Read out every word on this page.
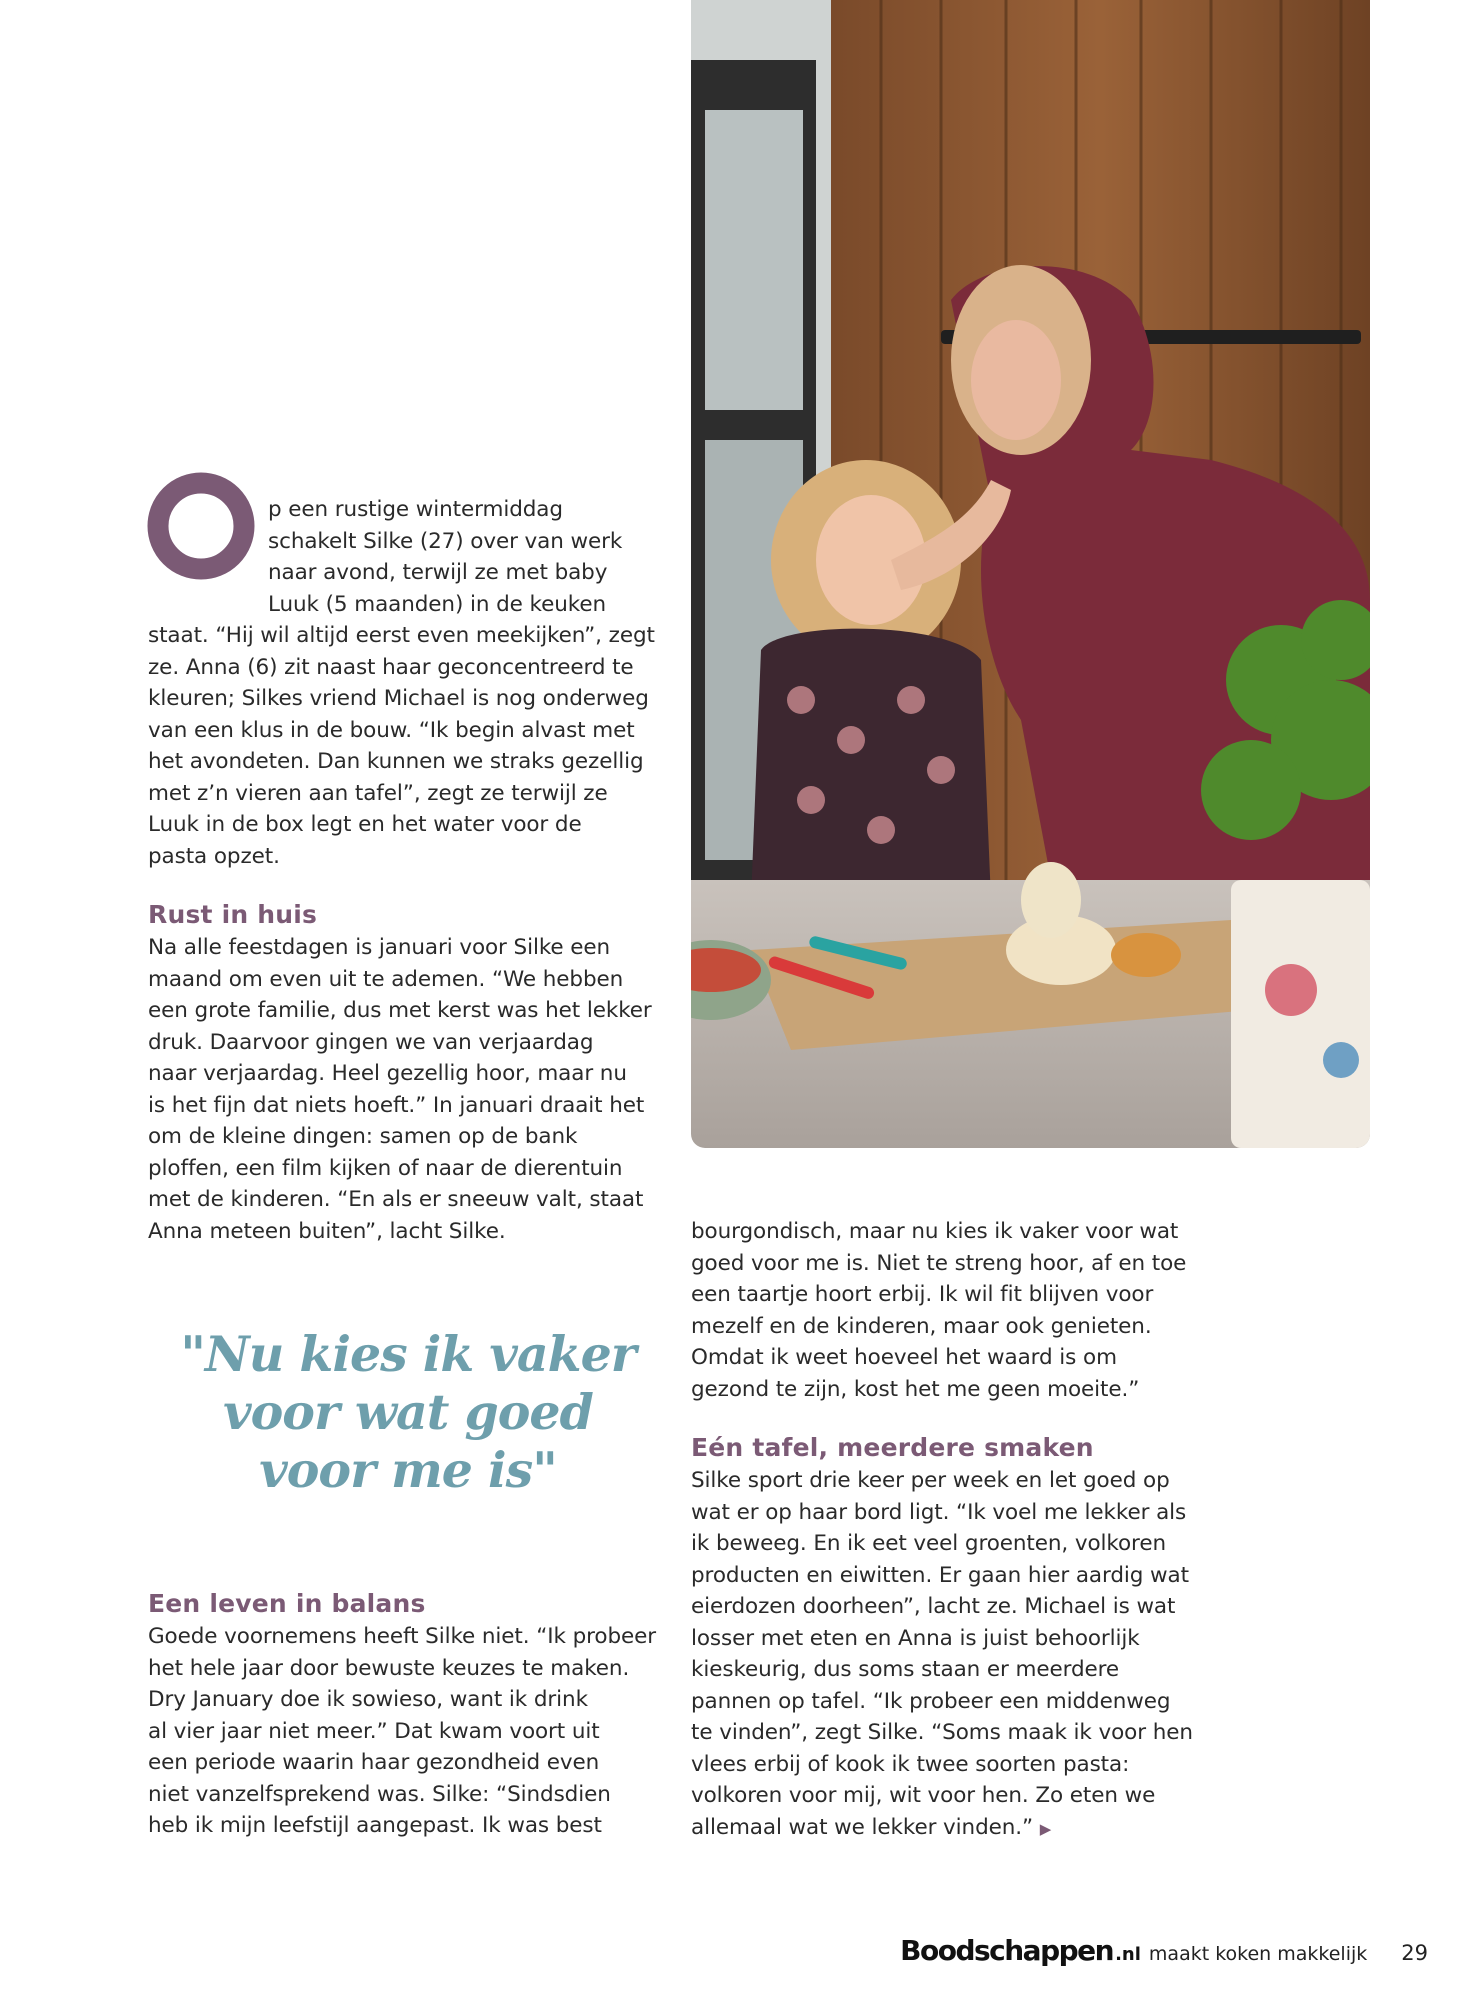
O	p een rustige wintermiddag

schakelt Silke (27) over van werk

naar avond, terwijl ze met baby

Luuk (5 maanden) in de keuken

staat. “Hij wil altijd eerst even meekijken”, zegt

ze. Anna (6) zit naast haar geconcentreerd te

kleuren; Silkes vriend Michael is nog onderweg

van een klus in de bouw. “Ik begin alvast met

het avondeten. Dan kunnen we straks gezellig

met z’n vieren aan tafel”, zegt ze terwijl ze

Luuk in de box legt en het water voor de

pasta opzet.

Rust in huis

Na alle feestdagen is januari voor Silke een

maand om even uit te ademen. “We hebben

een grote familie, dus met kerst was het lekker

druk. Daarvoor gingen we van verjaardag

naar verjaardag. Heel gezellig hoor, maar nu

is het fijn dat niets hoeft.” In januari draait het

om de kleine dingen: samen op de bank

ploffen, een film kijken of naar de dierentuin

met de kinderen. “En als er sneeuw valt, staat

Anna meteen buiten”, lacht Silke.

"Nu kies ik vaker
voor wat goed
voor me is"
Een leven in balans

Goede voornemens heeft Silke niet. “Ik probeer

het hele jaar door bewuste keuzes te maken.

Dry January doe ik sowieso, want ik drink

al vier jaar niet meer.” Dat kwam voort uit

een periode waarin haar gezondheid even

niet vanzelfsprekend was. Silke: “Sindsdien

heb ik mijn leefstijl aangepast. Ik was best

bourgondisch, maar nu kies ik vaker voor wat

goed voor me is. Niet te streng hoor, af en toe

een taartje hoort erbij. Ik wil fit blijven voor

mezelf en de kinderen, maar ook genieten.

Omdat ik weet hoeveel het waard is om

gezond te zijn, kost het me geen moeite.”

Eén tafel, meerdere smaken

Silke sport drie keer per week en let goed op

wat er op haar bord ligt. “Ik voel me lekker als

ik beweeg. En ik eet veel groenten, volkoren

producten en eiwitten. Er gaan hier aardig wat

eierdozen doorheen”, lacht ze. Michael is wat

losser met eten en Anna is juist behoorlijk

kieskeurig, dus soms staan er meerdere

pannen op tafel. “Ik probeer een middenweg

te vinden”, zegt Silke. “Soms maak ik voor hen

vlees erbij of kook ik twee soorten pasta:

volkoren voor mij, wit voor hen. Zo eten we

allemaal wat we lekker vinden.” ▶

Boodschappen .nl maakt koken makkelijk 29
